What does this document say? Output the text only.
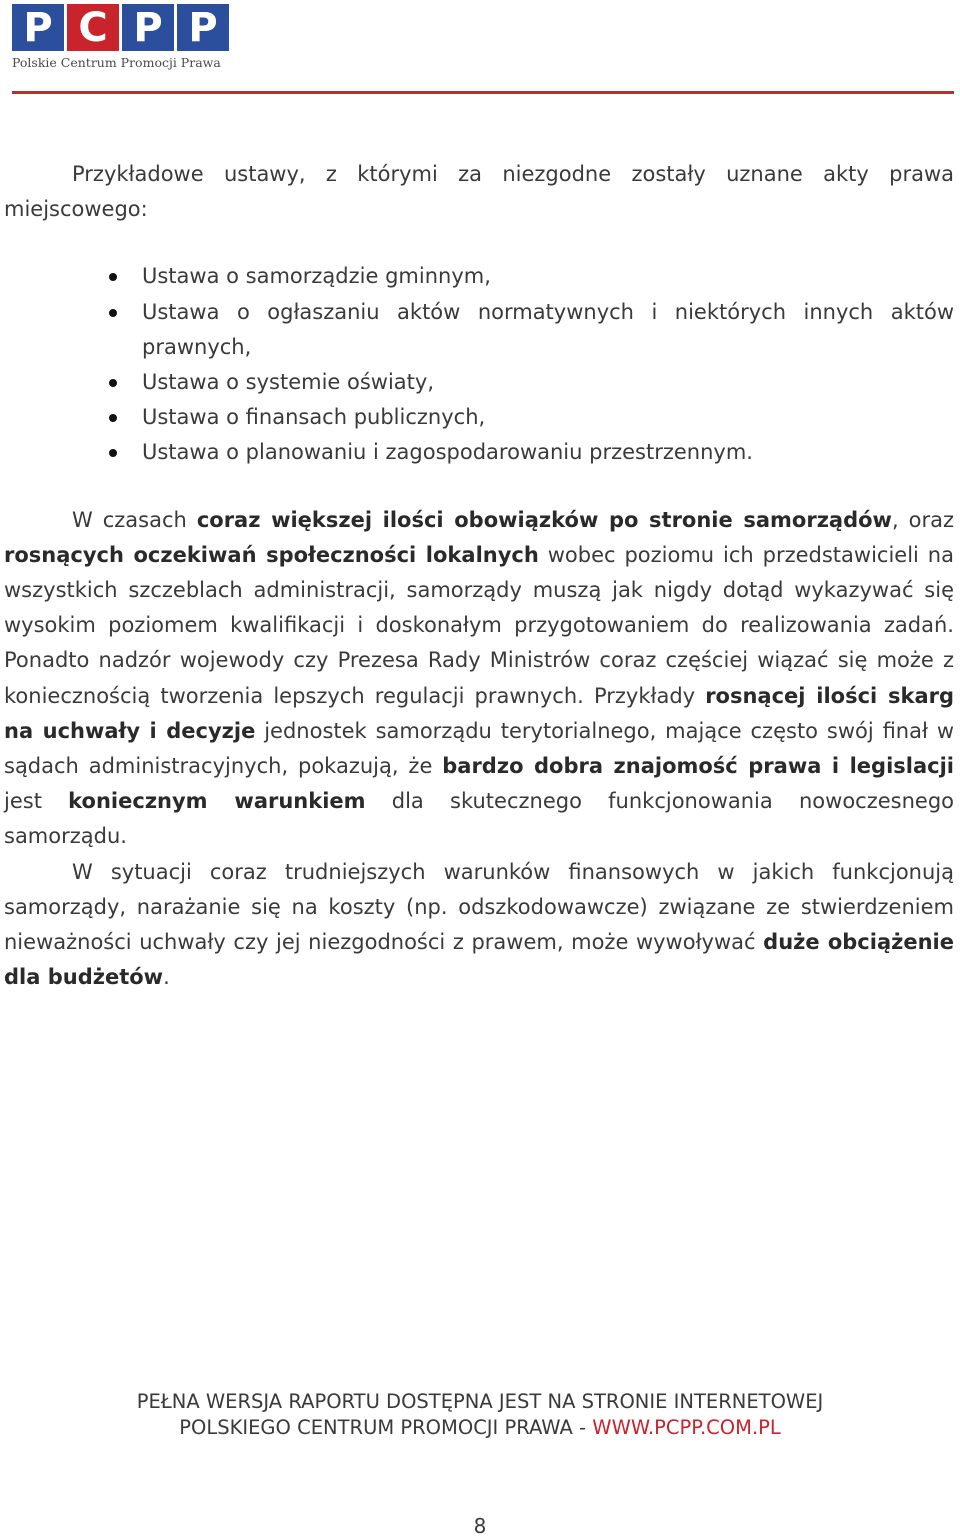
P C P P
Polskie Centrum Promocji Prawa

Przykładowe ustawy, z którymi za niezgodne zostały uznane akty prawa miejscowego:

Ustawa o samorządzie gminnym,
Ustawa o ogłaszaniu aktów normatywnych i niektórych innych aktów prawnych,
Ustawa o systemie oświaty,
Ustawa o finansach publicznych,
Ustawa o planowaniu i zagospodarowaniu przestrzennym.

W czasach coraz większej ilości obowiązków po stronie samorządów, oraz rosnących oczekiwań społeczności lokalnych wobec poziomu ich przedstawicieli na wszystkich szczeblach administracji, samorządy muszą jak nigdy dotąd wykazywać się wysokim poziomem kwalifikacji i doskonałym przygotowaniem do realizowania zadań. Ponadto nadzór wojewody czy Prezesa Rady Ministrów coraz częściej wiązać się może z koniecznością tworzenia lepszych regulacji prawnych. Przykłady rosnącej ilości skarg na uchwały i decyzje jednostek samorządu terytorialnego, mające często swój finał w sądach administracyjnych, pokazują, że bardzo dobra znajomość prawa i legislacji jest koniecznym warunkiem dla skutecznego funkcjonowania nowoczesnego samorządu.

W sytuacji coraz trudniejszych warunków finansowych w jakich funkcjonują samorządy, narażanie się na koszty (np. odszkodowawcze) związane ze stwierdzeniem nieważności uchwały czy jej niezgodności z prawem, może wywoływać duże obciążenie dla budżetów.

PEŁNA WERSJA RAPORTU DOSTĘPNA JEST NA STRONIE INTERNETOWEJ
POLSKIEGO CENTRUM PROMOCJI PRAWA - WWW.PCPP.COM.PL
8
